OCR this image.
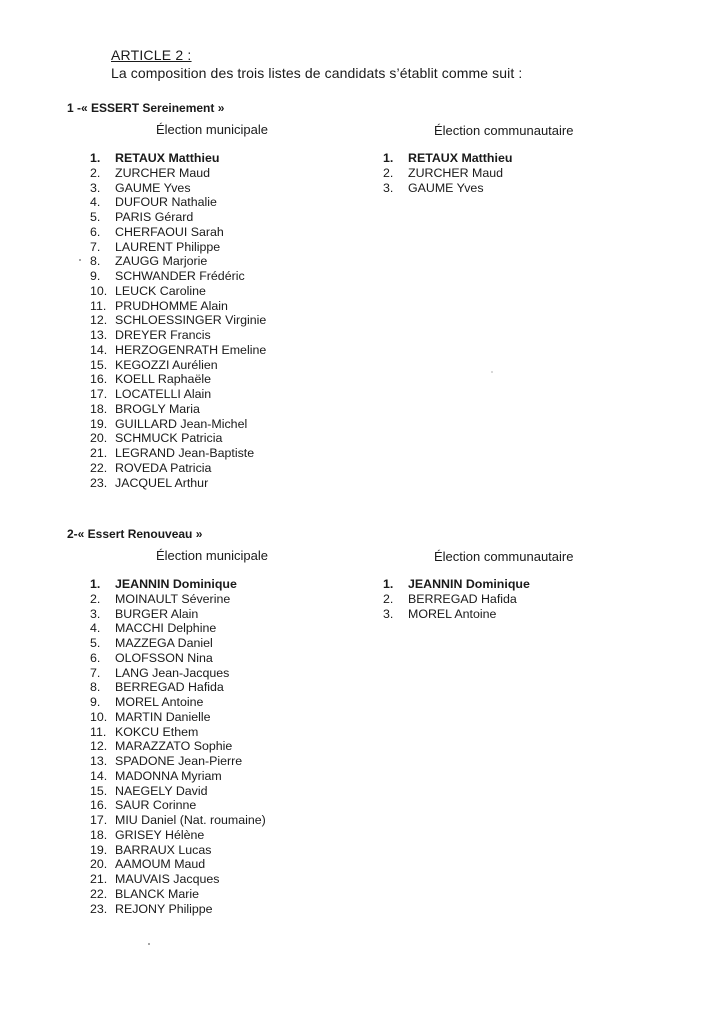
ARTICLE 2 :
La composition des trois listes de candidats s’établit comme suit :
1 -« ESSERT Sereinement »
Élection municipale	Élection communautaire
1.	RETAUX Matthieu
2.	ZURCHER Maud
3.	GAUME Yves
4.	DUFOUR Nathalie
5.	PARIS Gérard
6.	CHERFAOUI Sarah
7.	LAURENT Philippe
8.	ZAUGG Marjorie
9.	SCHWANDER Frédéric
10. LEUCK Caroline
11. PRUDHOMME Alain
12. SCHLOESSINGER Virginie
13. DREYER Francis
14. HERZOGENRATH Emeline
15. KEGOZZI Aurélien
16. KOELL Raphaële
17. LOCATELLI Alain
18. BROGLY Maria
19. GUILLARD Jean-Michel
20. SCHMUCK Patricia
21. LEGRAND Jean-Baptiste
22. ROVEDA Patricia
23. JACQUEL Arthur
1.	RETAUX Matthieu
2.	ZURCHER Maud
3.	GAUME Yves
2-« Essert Renouveau »
Élection municipale	Élection communautaire
1.	JEANNIN Dominique
2.	MOINAULT Séverine
3.	BURGER Alain
4.	MACCHI Delphine
5.	MAZZEGA Daniel
6.	OLOFSSON Nina
7.	LANG Jean-Jacques
8.	BERREGAD Hafida
9.	MOREL Antoine
10. MARTIN Danielle
11. KOKCU Ethem
12. MARAZZATO Sophie
13. SPADONE Jean-Pierre
14. MADONNA Myriam
15. NAEGELY David
16. SAUR Corinne
17. MIU Daniel (Nat. roumaine)
18. GRISEY Hélène
19. BARRAUX Lucas
20. AAMOUM Maud
21. MAUVAIS Jacques
22. BLANCK Marie
23. REJONY Philippe
1.	JEANNIN Dominique
2.	BERREGAD Hafida
3.	MOREL Antoine
